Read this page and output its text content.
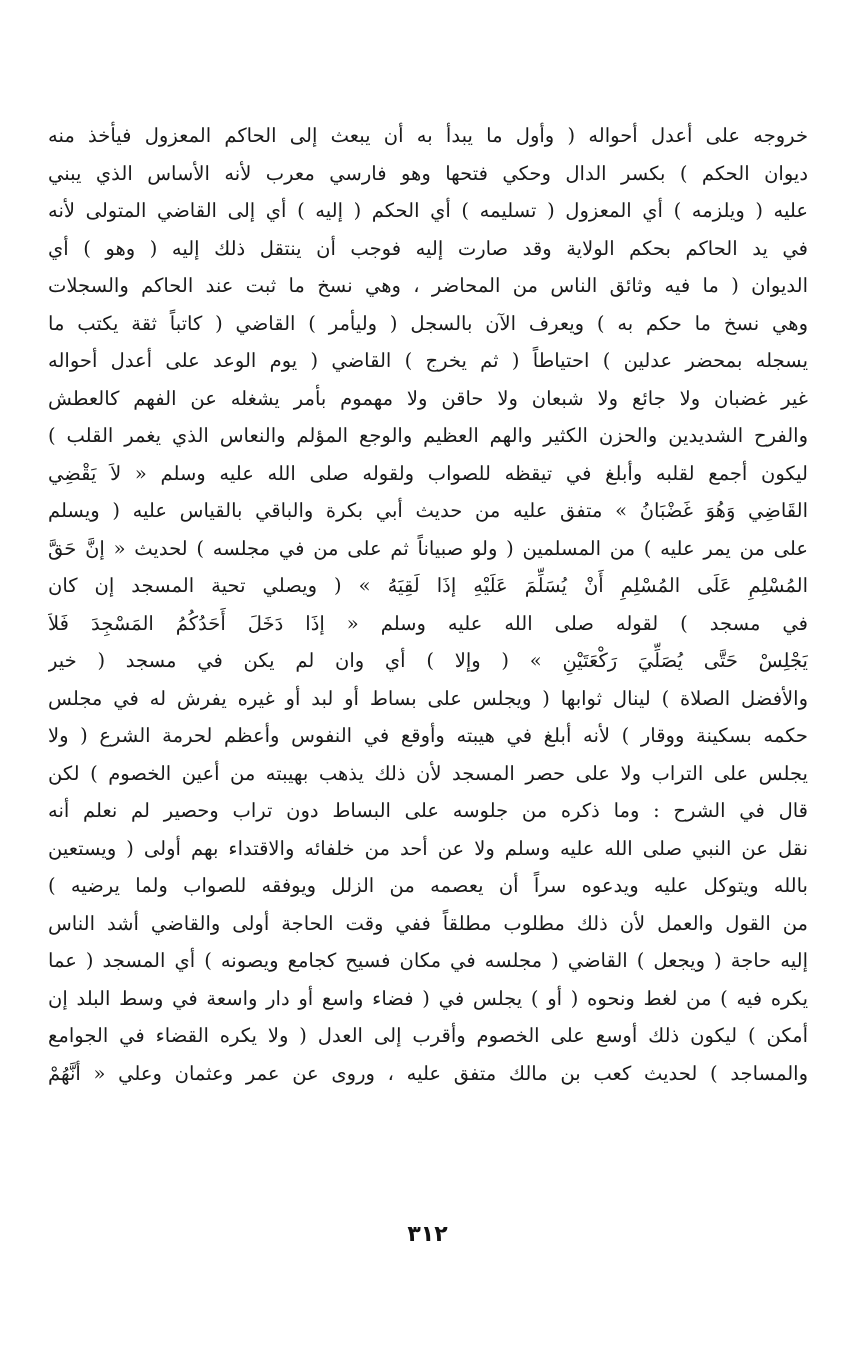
خروجه على أعدل أحواله ( وأول ما يبدأ به أن يبعث إلى الحاكم المعزول فيأخذ منه
ديوان الحكم ) بكسر الدال وحكي فتحها وهو فارسي معرب لأنه الأساس الذي يبني
عليه ( ويلزمه ) أي المعزول ( تسليمه ) أي الحكم ( إليه ) أي إلى القاضي المتولى لأنه
في يد الحاكم بحكم الولاية وقد صارت إليه فوجب أن ينتقل ذلك إليه ( وهو ) أي
الديوان ( ما فيه وثائق الناس من المحاضر ، وهي نسخ ما ثبت عند الحاكم والسجلات
وهي نسخ ما حكم به ) ويعرف الآن بالسجل ( وليأمر ) القاضي ( كاتباً ثقة يكتب ما
يسجله بمحضر عدلين ) احتياطاً ( ثم يخرج ) القاضي ( يوم الوعد على أعدل أحواله
غير غضبان ولا جائع ولا شبعان ولا حاقن ولا مهموم بأمر يشغله عن الفهم كالعطش
والفرح الشديدين والحزن الكثير والهم العظيم والوجع المؤلم والنعاس الذي يغمر القلب )
ليكون أجمع لقلبه وأبلغ في تيقظه للصواب ولقوله صلى الله عليه وسلم « لاَ يَقْضِي
القَاضِي وَهُوَ غَضْبَانُ » متفق عليه من حديث أبي بكرة والباقي بالقياس عليه ( ويسلم
على من يمر عليه ) من المسلمين ( ولو صبياناً ثم على من في مجلسه ) لحديث « إنَّ حَقَّ
المُسْلِمِ عَلَى المُسْلِمِ أَنْ يُسَلِّمَ عَلَيْهِ إذَا لَقِيَهُ » ( ويصلي تحية المسجد إن كان
في مسجد ) لقوله صلى الله عليه وسلم « إذَا دَخَلَ أَحَدُكُمُ المَسْجِدَ فَلاَ
يَجْلِسْ حَتَّى يُصَلِّيَ رَكْعَتَيْنِ » ( وإلا ) أي وان لم يكن في مسجد ( خير
والأفضل الصلاة ) لينال ثوابها ( ويجلس على بساط أو لبد أو غيره يفرش له في مجلس
حكمه بسكينة ووقار ) لأنه أبلغ في هيبته وأوقع في النفوس وأعظم لحرمة الشرع ( ولا
يجلس على التراب ولا على حصر المسجد لأن ذلك يذهب بهيبته من أعين الخصوم ) لكن
قال في الشرح : وما ذكره من جلوسه على البساط دون تراب وحصير لم نعلم أنه
نقل عن النبي صلى الله عليه وسلم ولا عن أحد من خلفائه والاقتداء بهم أولى ( ويستعين
بالله ويتوكل عليه ويدعوه سراً أن يعصمه من الزلل ويوفقه للصواب ولما يرضيه )
من القول والعمل لأن ذلك مطلوب مطلقاً ففي وقت الحاجة أولى والقاضي أشد الناس
إليه حاجة ( ويجعل ) القاضي ( مجلسه في مكان فسيح كجامع ويصونه ) أي المسجد ( عما
يكره فيه ) من لغط ونحوه ( أو ) يجلس في ( فضاء واسع أو دار واسعة في وسط البلد إن
أمكن ) ليكون ذلك أوسع على الخصوم وأقرب إلى العدل ( ولا يكره القضاء في الجوامع
والمساجد ) لحديث كعب بن مالك متفق عليه ، وروى عن عمر وعثمان وعلي « أنَّهُمْ
٣١٢
